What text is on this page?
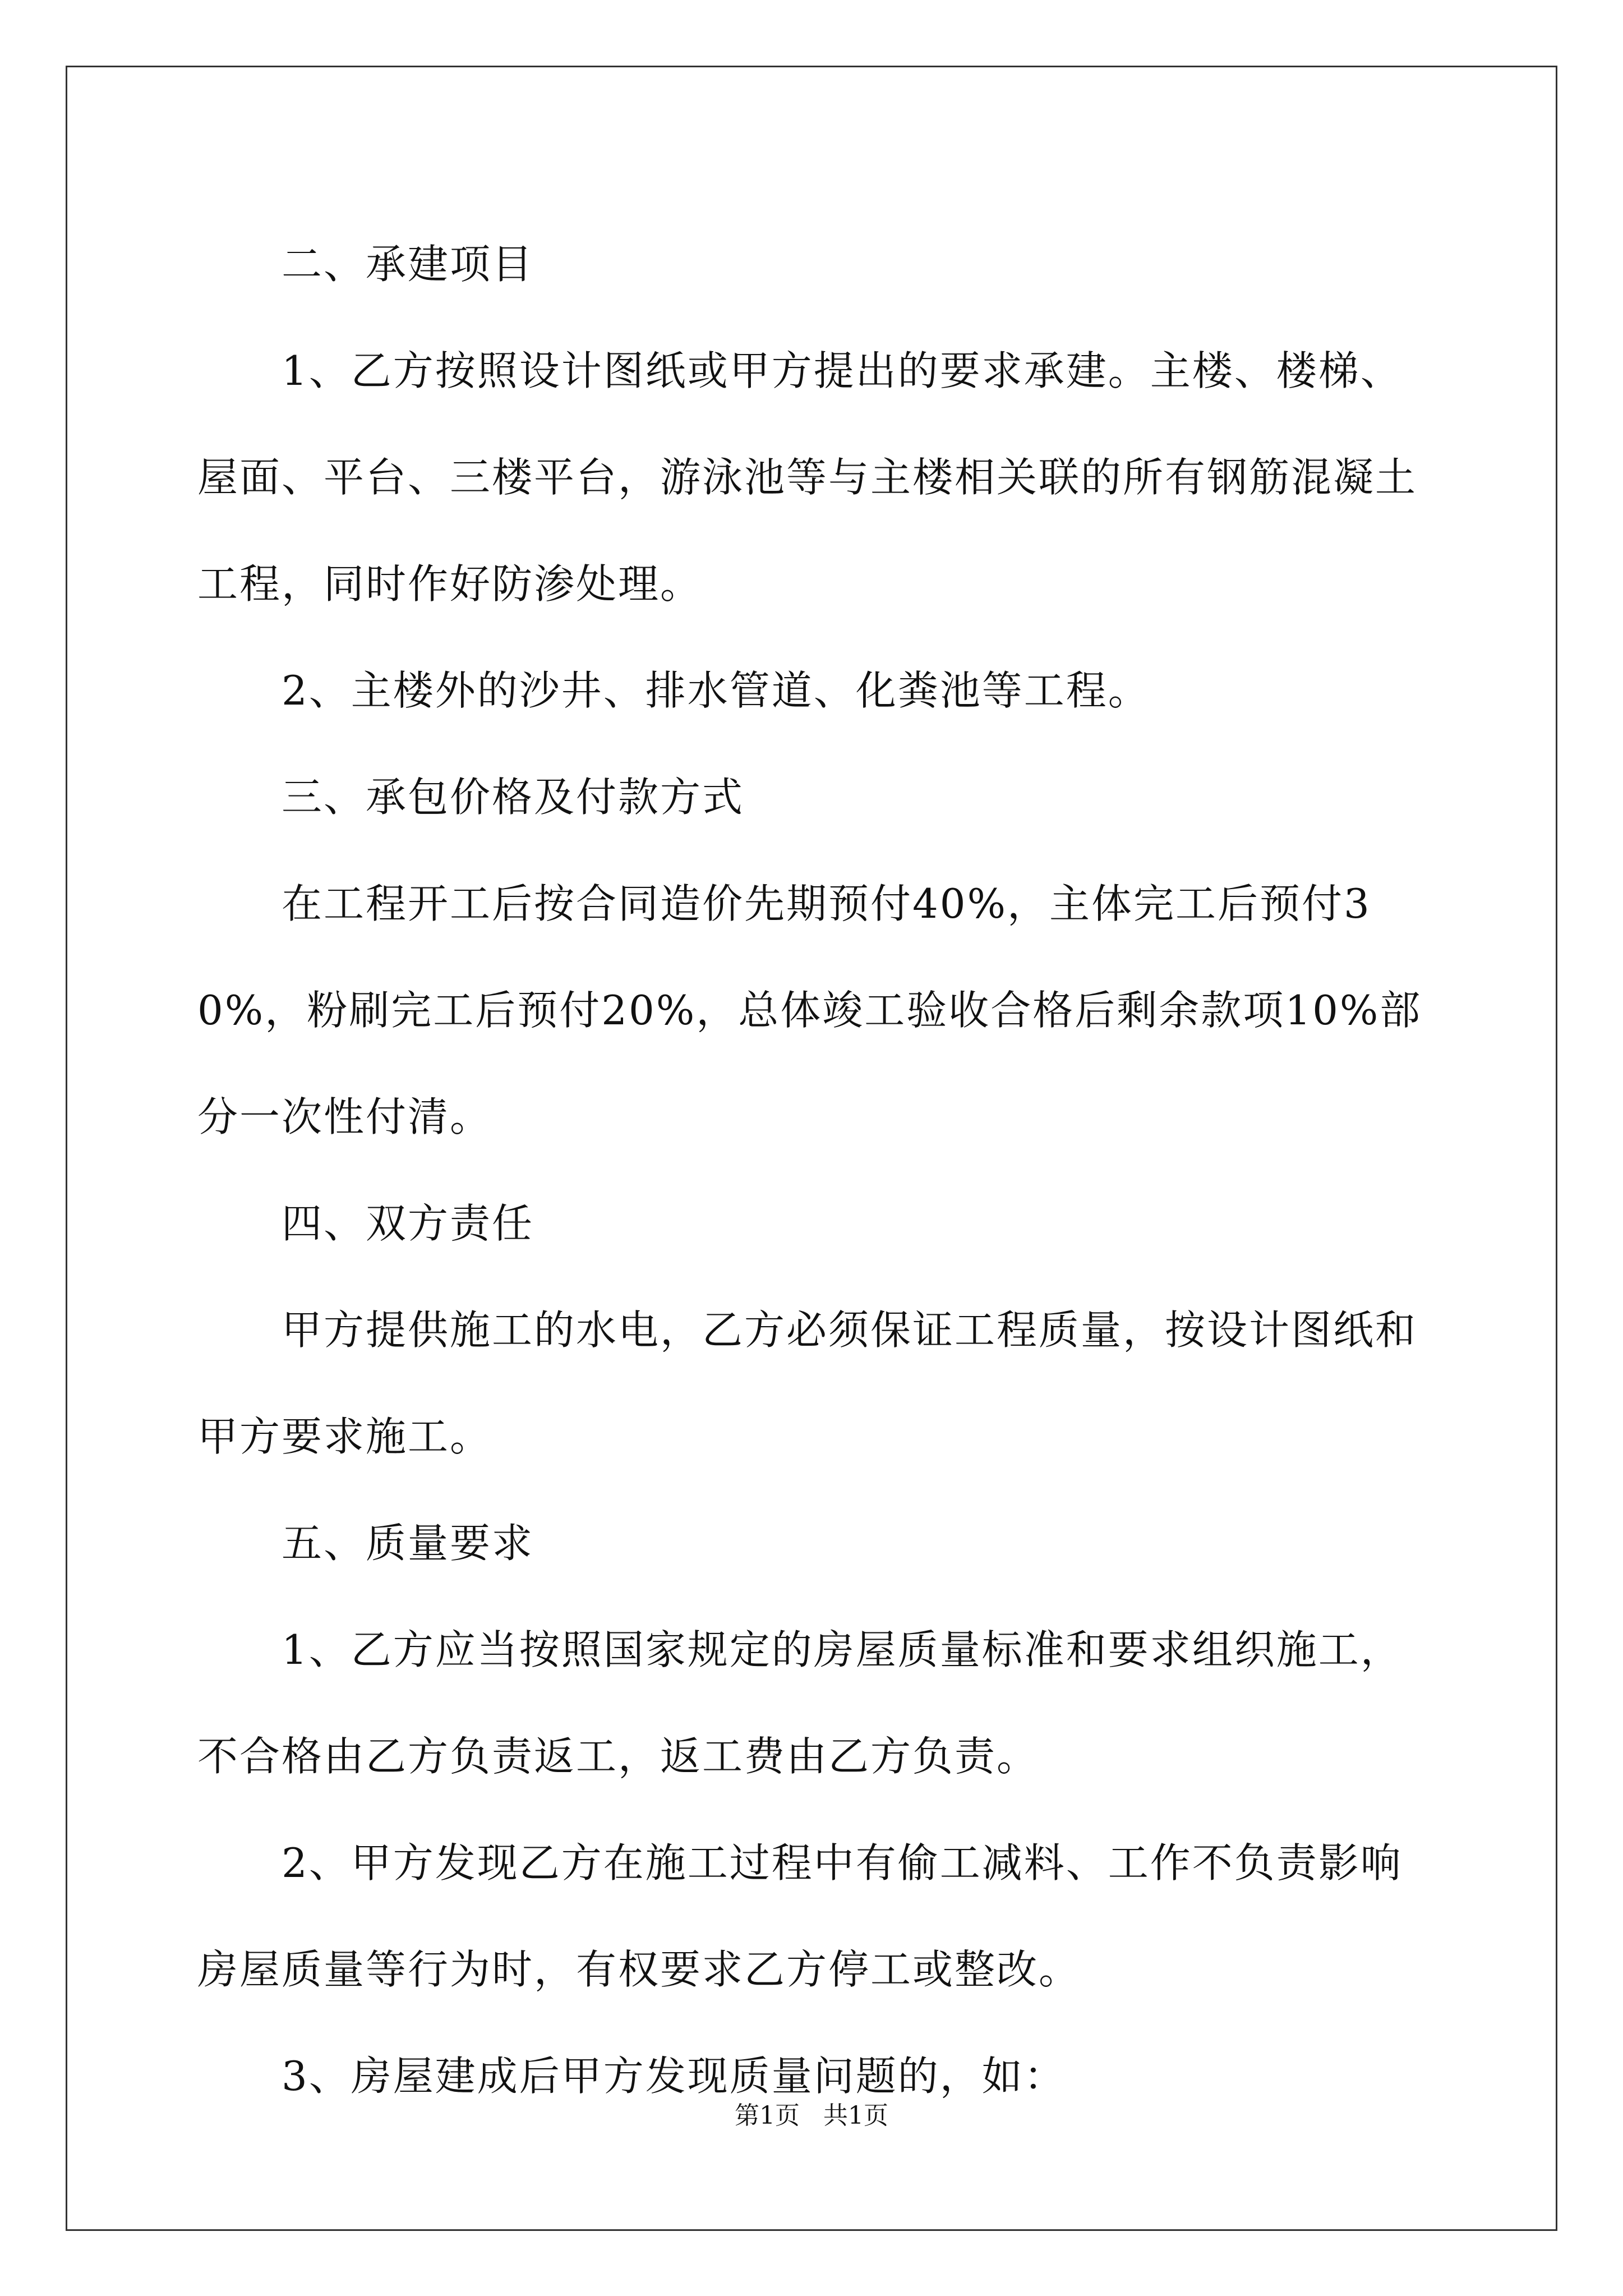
二、承建项目

1、乙方按照设计图纸或甲方提出的要求承建。主楼、楼梯、屋面、平台、三楼平台，游泳池等与主楼相关联的所有钢筋混凝土工程，同时作好防渗处理。

2、主楼外的沙井、排水管道、化粪池等工程。

三、承包价格及付款方式

在工程开工后按合同造价先期预付40%，主体完工后预付30%，粉刷完工后预付20%，总体竣工验收合格后剩余款项10%部分一次性付清。

四、双方责任

甲方提供施工的水电，乙方必须保证工程质量，按设计图纸和甲方要求施工。

五、质量要求

1、乙方应当按照国家规定的房屋质量标准和要求组织施工，不合格由乙方负责返工，返工费由乙方负责。

2、甲方发现乙方在施工过程中有偷工减料、工作不负责影响房屋质量等行为时，有权要求乙方停工或整改。

3、房屋建成后甲方发现质量问题的，如：

第1页 共1页
